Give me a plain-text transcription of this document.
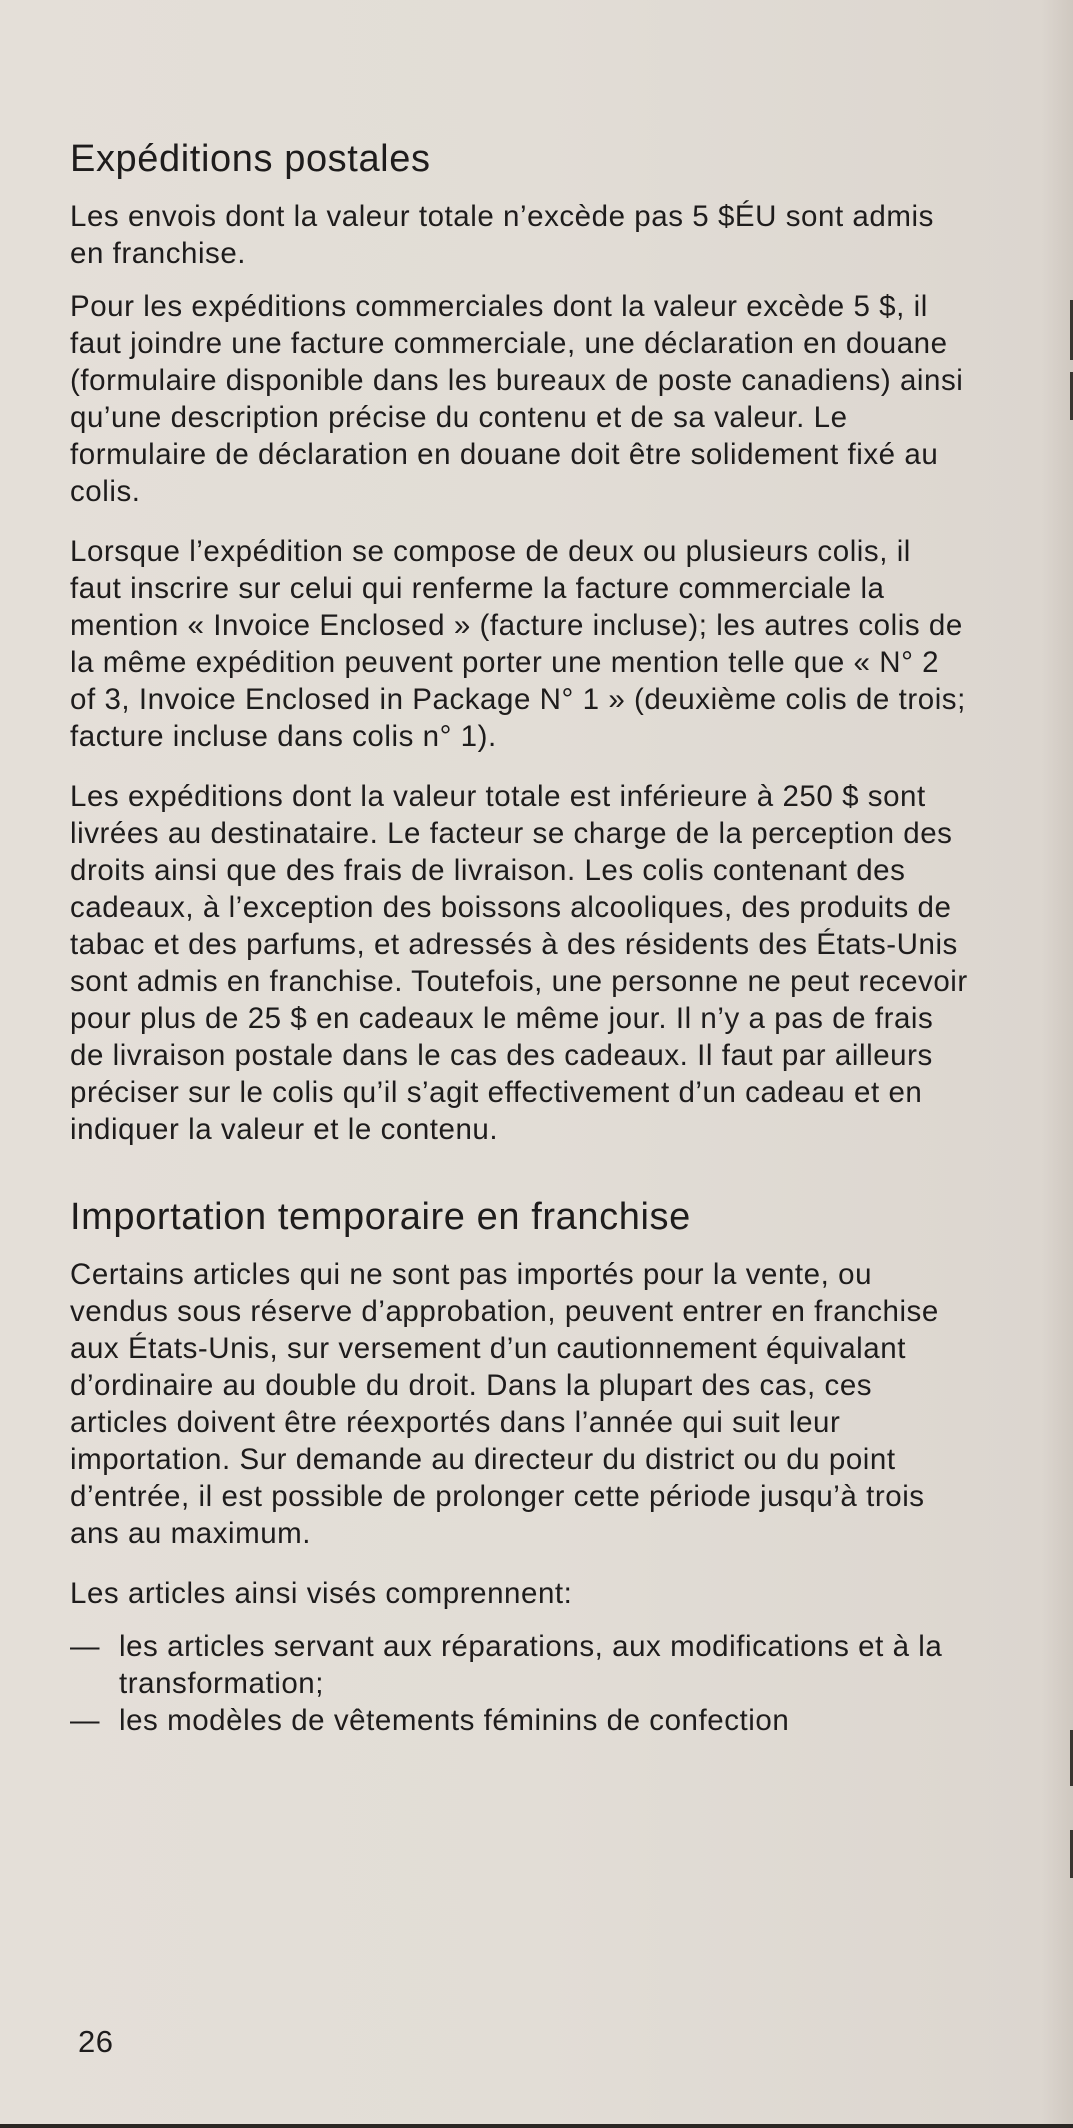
Expéditions postales

Les envois dont la valeur totale n’excède pas 5 $ÉU sont admis en franchise.

Pour les expéditions commerciales dont la valeur excède 5 $, il faut joindre une facture commerciale, une déclaration en douane (formulaire disponible dans les bureaux de poste canadiens) ainsi qu’une description précise du contenu et de sa valeur. Le formulaire de déclaration en douane doit être solidement fixé au colis.

Lorsque l’expédition se compose de deux ou plusieurs colis, il faut inscrire sur celui qui renferme la facture commerciale la mention « Invoice Enclosed » (facture incluse); les autres colis de la même expédition peuvent porter une mention telle que « N° 2 of 3, Invoice Enclosed in Package N° 1 » (deuxième colis de trois; facture incluse dans colis n° 1).

Les expéditions dont la valeur totale est inférieure à 250 $ sont livrées au destinataire. Le facteur se charge de la perception des droits ainsi que des frais de livraison. Les colis contenant des cadeaux, à l’exception des boissons alcooliques, des produits de tabac et des parfums, et adressés à des résidents des États-Unis sont admis en franchise. Toutefois, une personne ne peut recevoir pour plus de 25 $ en cadeaux le même jour. Il n’y a pas de frais de livraison postale dans le cas des cadeaux. Il faut par ailleurs préciser sur le colis qu’il s’agit effectivement d’un cadeau et en indiquer la valeur et le contenu.

Importation temporaire en franchise

Certains articles qui ne sont pas importés pour la vente, ou vendus sous réserve d’approbation, peuvent entrer en franchise aux États-Unis, sur versement d’un cautionnement équivalant d’ordinaire au double du droit. Dans la plupart des cas, ces articles doivent être réexportés dans l’année qui suit leur importation. Sur demande au directeur du district ou du point d’entrée, il est possible de prolonger cette période jusqu’à trois ans au maximum.

Les articles ainsi visés comprennent:

— les articles servant aux réparations, aux modifications et à la transformation;
— les modèles de vêtements féminins de confection
26
